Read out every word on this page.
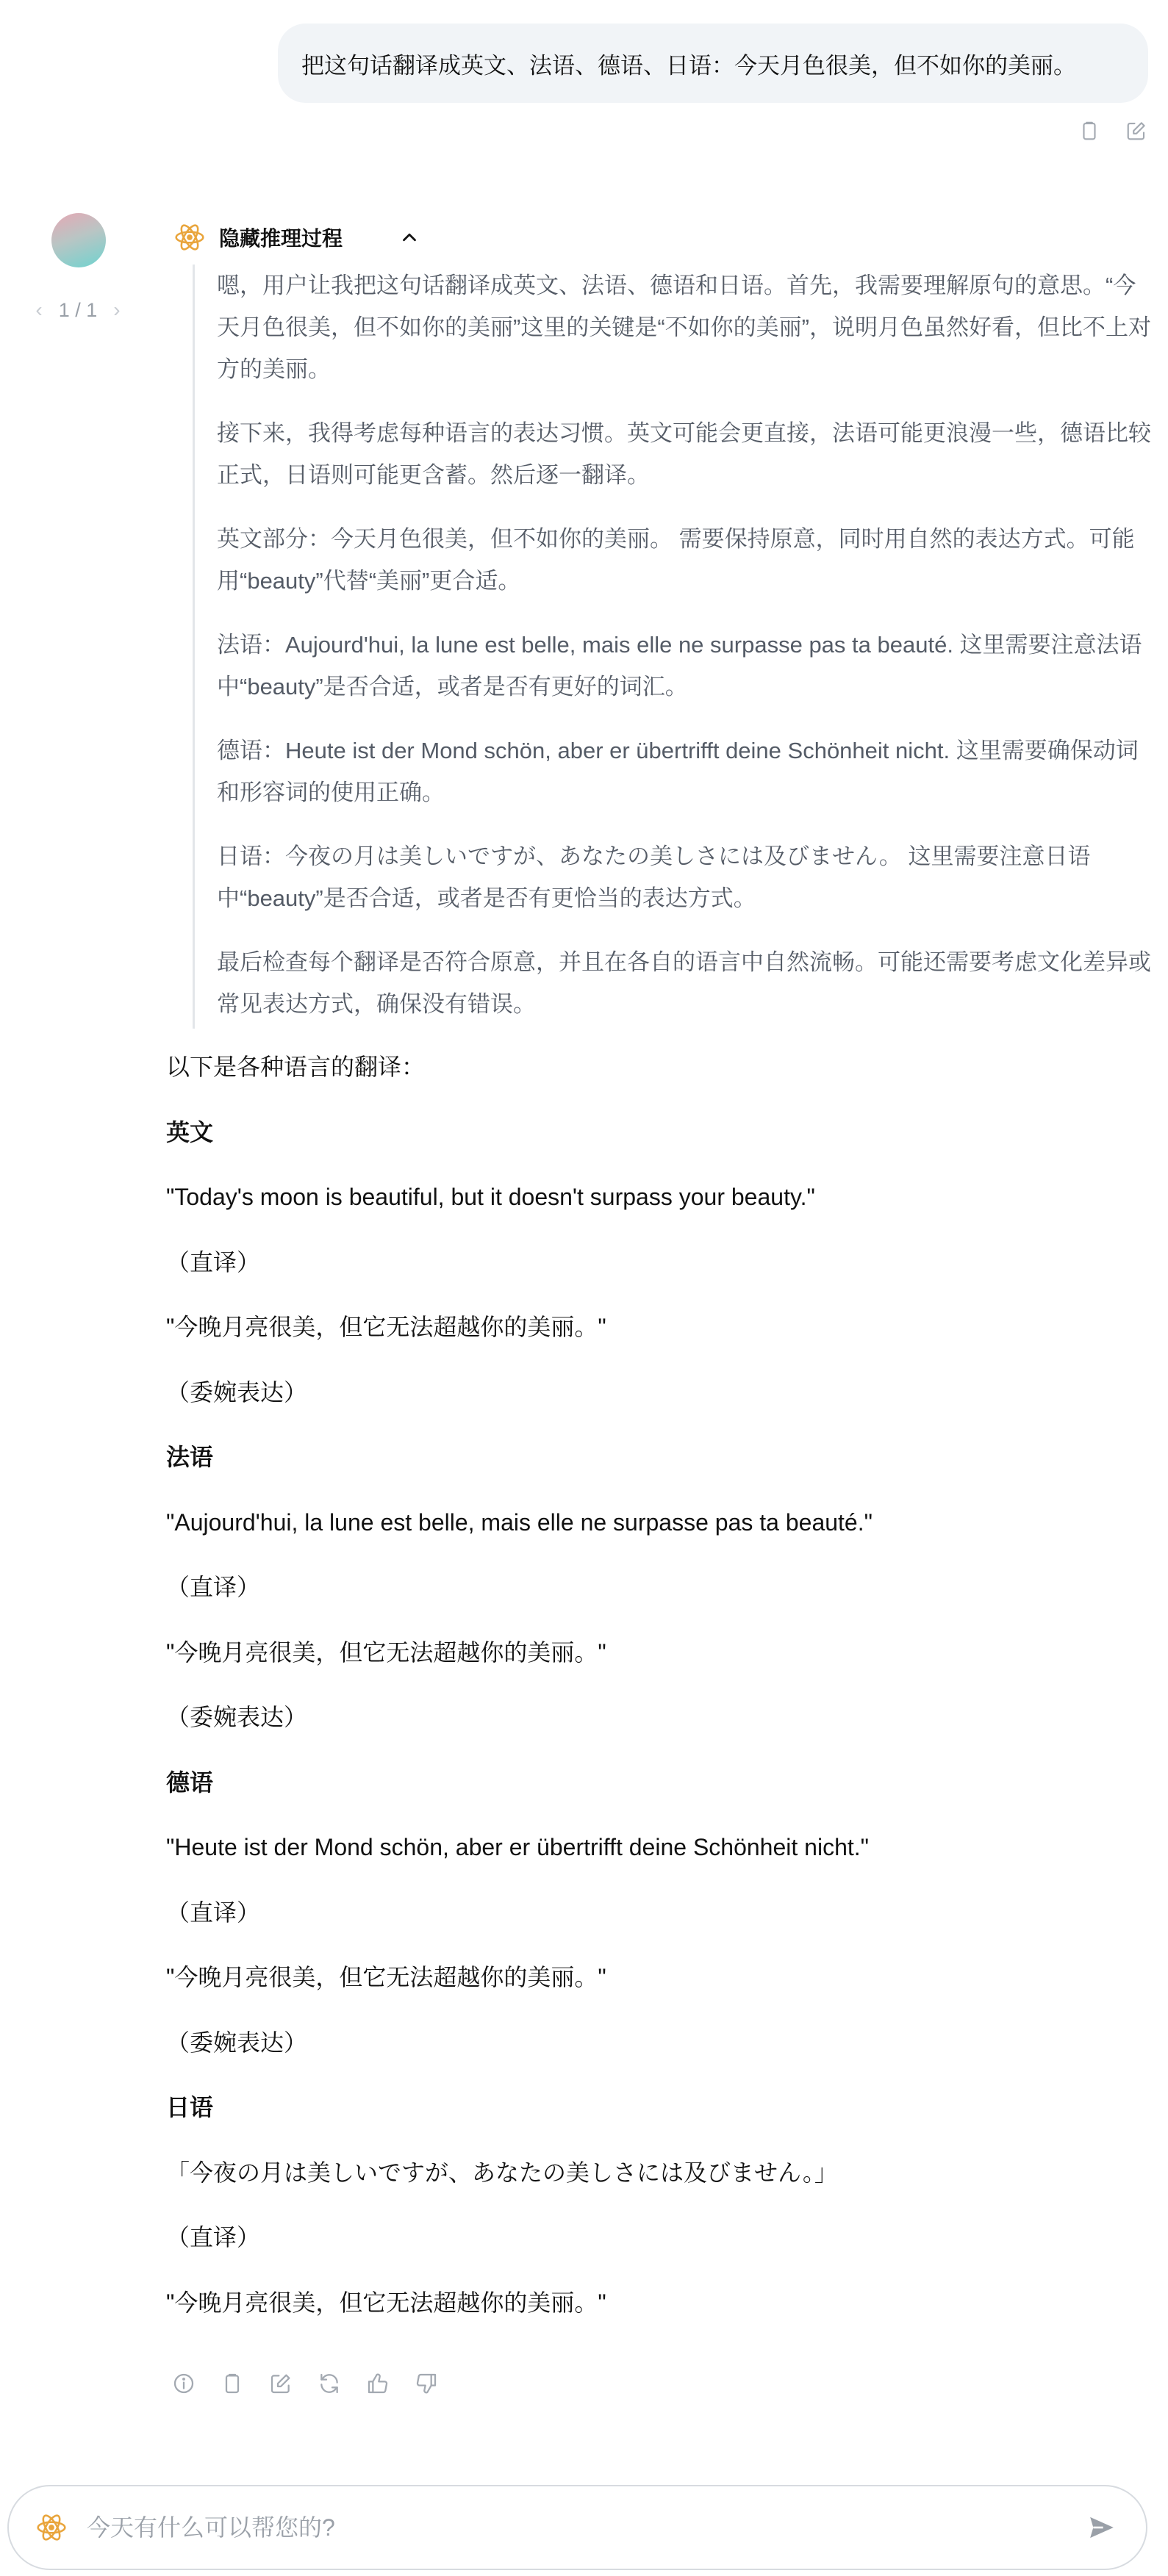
把这句话翻译成英文、法语、德语、日语：今天月色很美，但不如你的美丽。
‹ 1 / 1 ›
隐藏推理过程

嗯，用户让我把这句话翻译成英文、法语、德语和日语。首先，我需要理解原句的意思。“今天月色很美，但不如你的美丽”这里的关键是“不如你的美丽”，说明月色虽然好看，但比不上对方的美丽。

接下来，我得考虑每种语言的表达习惯。英文可能会更直接，法语可能更浪漫一些，德语比较正式，日语则可能更含蓄。然后逐一翻译。

英文部分：今天月色很美，但不如你的美丽。 需要保持原意，同时用自然的表达方式。可能用“beauty”代替“美丽”更合适。

法语：Aujourd'hui, la lune est belle, mais elle ne surpasse pas ta beauté. 这里需要注意法语中“beauty”是否合适，或者是否有更好的词汇。

德语：Heute ist der Mond schön, aber er übertrifft deine Schönheit nicht. 这里需要确保动词和形容词的使用正确。

日语：今夜の月は美しいですが、あなたの美しさには及びません。 这里需要注意日语中“beauty”是否合适，或者是否有更恰当的表达方式。

最后检查每个翻译是否符合原意，并且在各自的语言中自然流畅。可能还需要考虑文化差异或常见表达方式，确保没有错误。

以下是各种语言的翻译：

英文

"Today's moon is beautiful, but it doesn't surpass your beauty."

（直译）

"今晚月亮很美，但它无法超越你的美丽。"

（委婉表达）

法语

"Aujourd'hui, la lune est belle, mais elle ne surpasse pas ta beauté."

（直译）

"今晚月亮很美，但它无法超越你的美丽。"

（委婉表达）

德语

"Heute ist der Mond schön, aber er übertrifft deine Schönheit nicht."

（直译）

"今晚月亮很美，但它无法超越你的美丽。"

（委婉表达）

日语

「今夜の月は美しいですが、あなたの美しさには及びません。」

（直译）

"今晚月亮很美，但它无法超越你的美丽。"

今天有什么可以帮您的?
